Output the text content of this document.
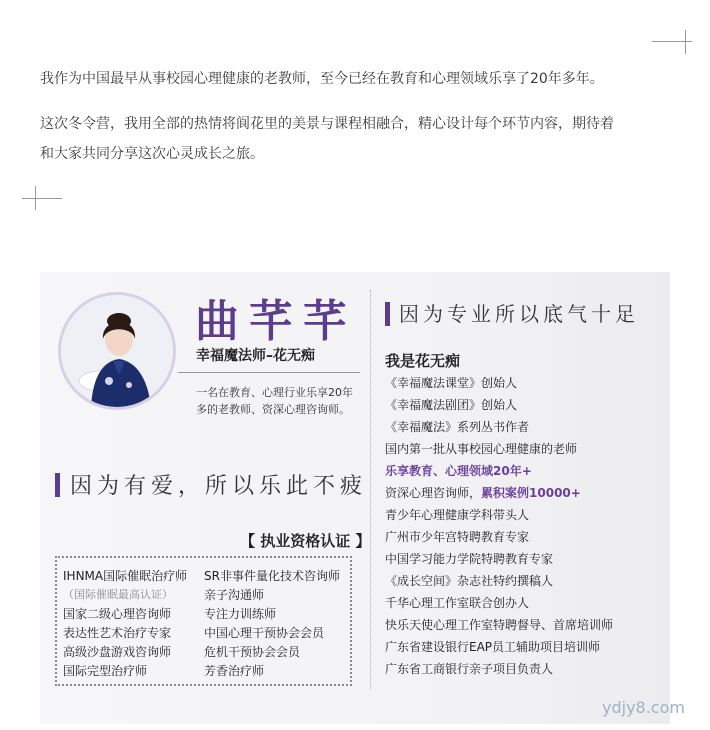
我作为中国最早从事校园心理健康的老教师，至今已经在教育和心理领域乐享了20年多年。
这次冬令营，我用全部的热情将阆花里的美景与课程相融合，精心设计每个环节内容，期待着
和大家共同分享这次心灵成长之旅。
曲芊芊
幸福魔法师–花无痴
一名在教育、心理行业乐享20年
多的老教师、资深心理咨询师。
因为有爱，所以乐此不疲
因为专业所以底气十足
【 执业资格认证 】
IHNMA国际催眠治疗师
（国际催眠最高认证）
国家二级心理咨询师
表达性艺术治疗专家
高级沙盘游戏咨询师
国际完型治疗师
SR非事件量化技术咨询师
亲子沟通师
专注力训练师
中国心理干预协会会员
危机干预协会会员
芳香治疗师
我是花无痴
《幸福魔法课堂》创始人
《幸福魔法剧团》创始人
《幸福魔法》系列丛书作者
国内第一批从事校园心理健康的老师
乐享教育、心理领域20年+
资深心理咨询师，累积案例10000+
青少年心理健康学科带头人
广州市少年宫特聘教育专家
中国学习能力学院特聘教育专家
《成长空间》杂志社特约撰稿人
千华心理工作室联合创办人
快乐天使心理工作室特聘督导、首席培训师
广东省建设银行EAP员工辅助项目培训师
广东省工商银行亲子项目负责人
ydjy8.com
